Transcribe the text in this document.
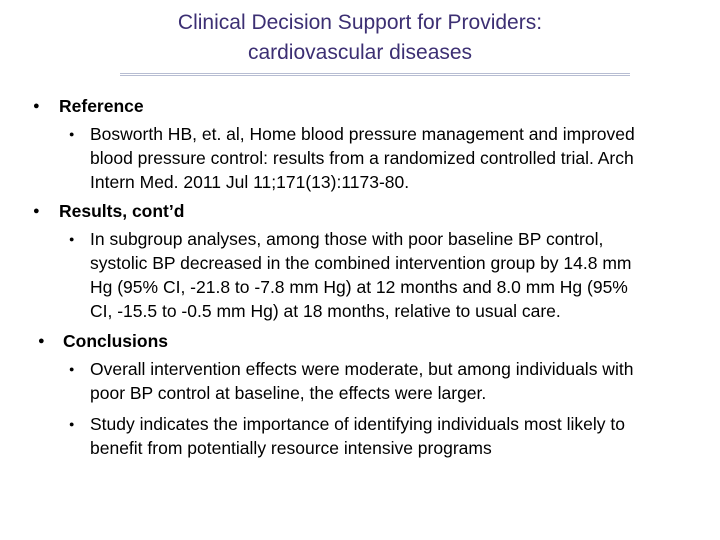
Clinical Decision Support for Providers:
cardiovascular diseases
● Reference
● Bosworth HB, et. al, Home blood pressure management and improved
blood pressure control: results from a randomized controlled trial. Arch
Intern Med. 2011 Jul 11;171(13):1173-80.
● Results, cont’d
● In subgroup analyses, among those with poor baseline BP control,
systolic BP decreased in the combined intervention group by 14.8 mm
Hg (95% CI, -21.8 to -7.8 mm Hg) at 12 months and 8.0 mm Hg (95%
CI, -15.5 to -0.5 mm Hg) at 18 months, relative to usual care.
● Conclusions
● Overall intervention effects were moderate, but among individuals with
poor BP control at baseline, the effects were larger.
● Study indicates the importance of identifying individuals most likely to
benefit from potentially resource intensive programs
